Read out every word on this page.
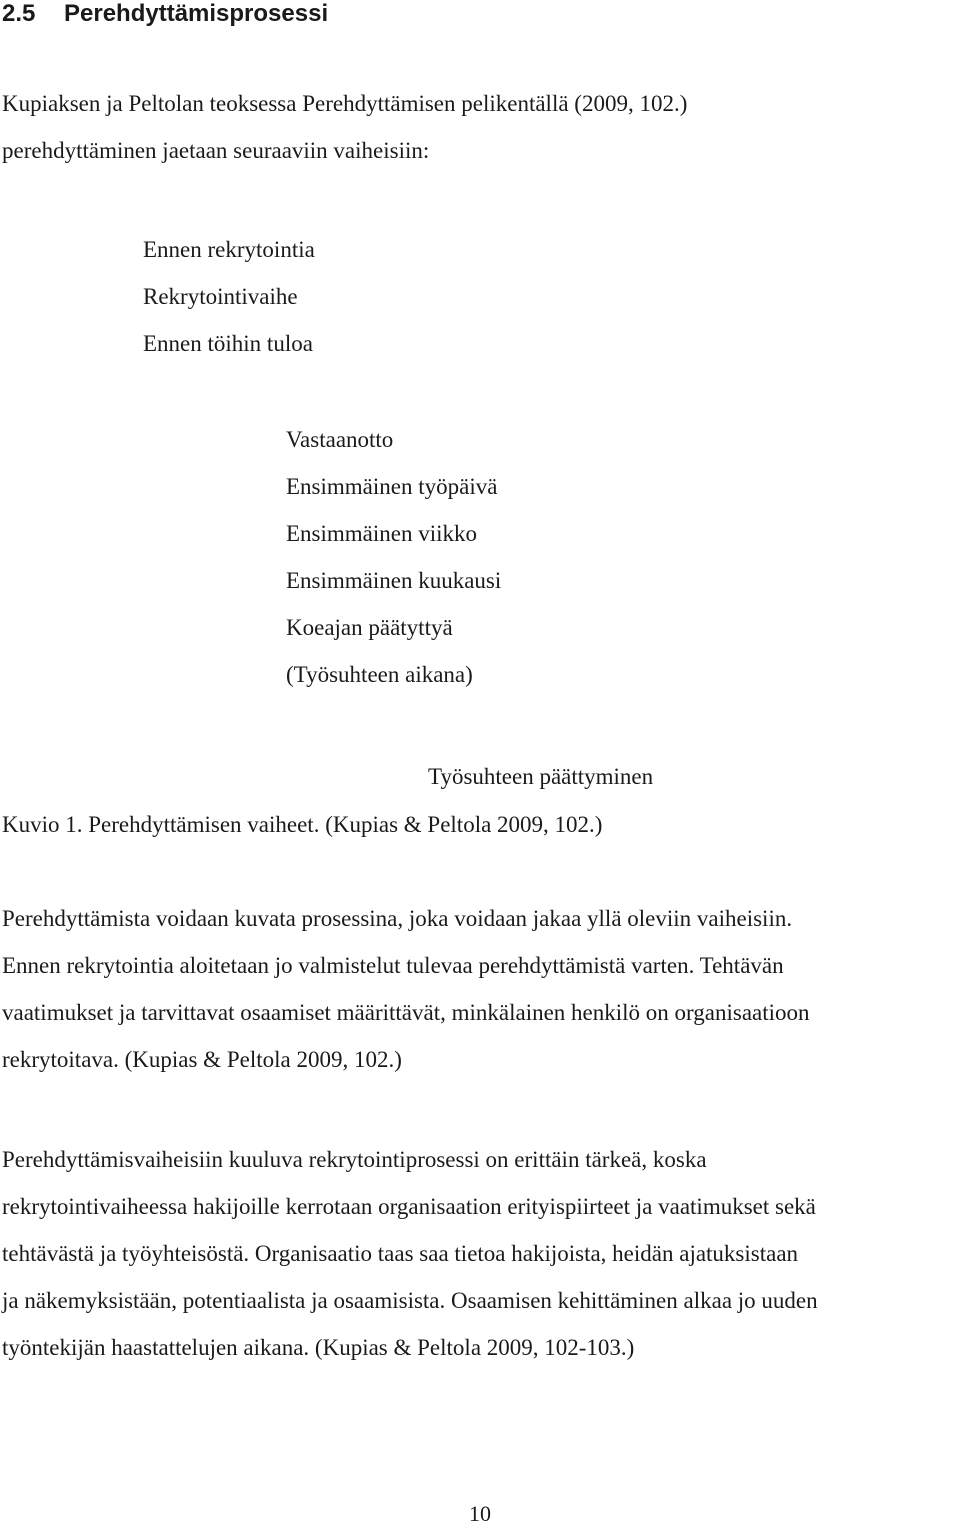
2.5 Perehdyttämisprosessi
Kupiaksen ja Peltolan teoksessa Perehdyttämisen pelikentällä (2009, 102.)
perehdyttäminen jaetaan seuraaviin vaiheisiin:
Ennen rekrytointia
Rekrytointivaihe
Ennen töihin tuloa
Vastaanotto
Ensimmäinen työpäivä
Ensimmäinen viikko
Ensimmäinen kuukausi
Koeajan päätyttyä
(Työsuhteen aikana)
Työsuhteen päättyminen

Kuvio 1. Perehdyttämisen vaiheet. (Kupias & Peltola 2009, 102.)

Perehdyttämista voidaan kuvata prosessina, joka voidaan jakaa yllä oleviin vaiheisiin.
Ennen rekrytointia aloitetaan jo valmistelut tulevaa perehdyttämistä varten. Tehtävän
vaatimukset ja tarvittavat osaamiset määrittävät, minkälainen henkilö on organisaatioon
rekrytoitava. (Kupias & Peltola 2009, 102.)
Perehdyttämisvaiheisiin kuuluva rekrytointiprosessi on erittäin tärkeä, koska
rekrytointivaiheessa hakijoille kerrotaan organisaation erityispiirteet ja vaatimukset sekä
tehtävästä ja työyhteisöstä. Organisaatio taas saa tietoa hakijoista, heidän ajatuksistaan
ja näkemyksistään, potentiaalista ja osaamisista. Osaamisen kehittäminen alkaa jo uuden
työntekijän haastattelujen aikana. (Kupias & Peltola 2009, 102-103.)
10
